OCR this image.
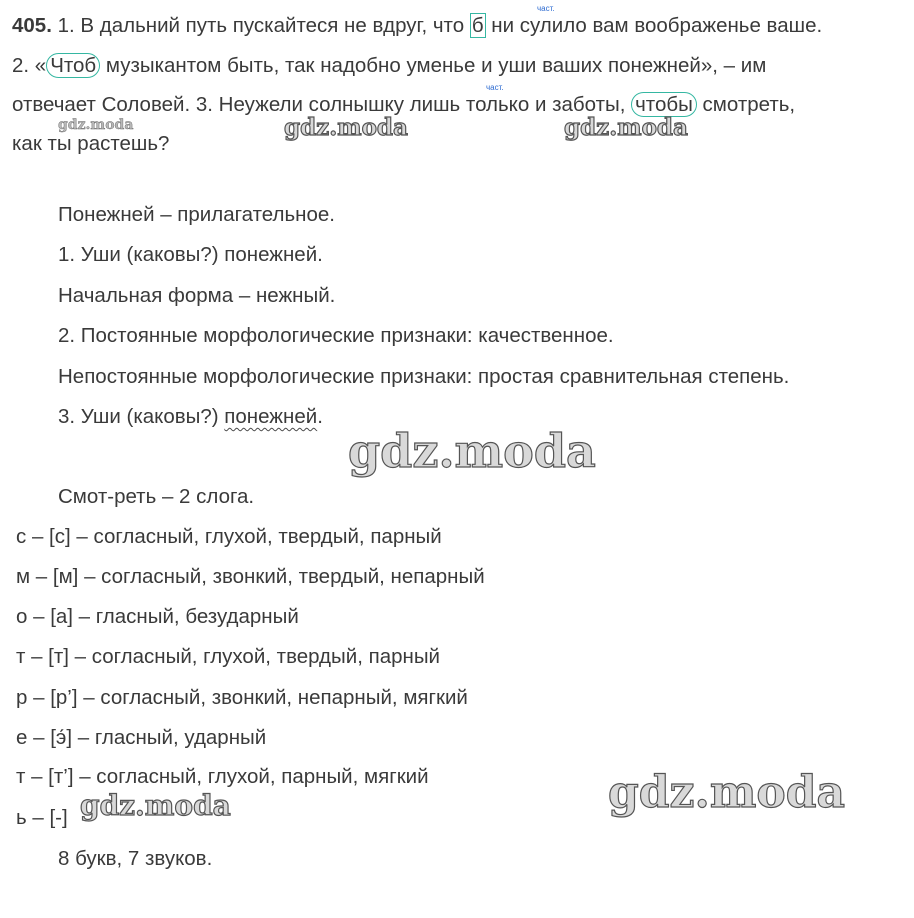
405. 1. В дальний путь пускайтеся не вдруг, что б ни сулило вам воображенье ваше.
част.
2. « Чтоб музыкантом быть, так надобно уменье и уши ваших понежней», – им
отвечает Соловей. 3. Неужели солнышку лишь только и заботы, чтобы смотреть,
част.
как ты растешь?
Понежней – прилагательное.
1. Уши (каковы?) понежней.
Начальная форма – нежный.
2. Постоянные морфологические признаки: качественное.
Непостоянные морфологические признаки: простая сравнительная степень.
3. Уши (каковы?) понежней.
Смот-реть – 2 слога.
с – [с] – согласный, глухой, твердый, парный
м – [м] – согласный, звонкий, твердый, непарный
о – [а] – гласный, безударный
т – [т] – согласный, глухой, твердый, парный
р – [р’] – согласный, звонкий, непарный, мягкий
е – [э́] – гласный, ударный
т – [т’] – согласный, глухой, парный, мягкий
ь – [-]
8 букв, 7 звуков.
gdz.moda	gdz.moda	gdz.moda
gdz.moda
gdz.moda
gdz.moda
